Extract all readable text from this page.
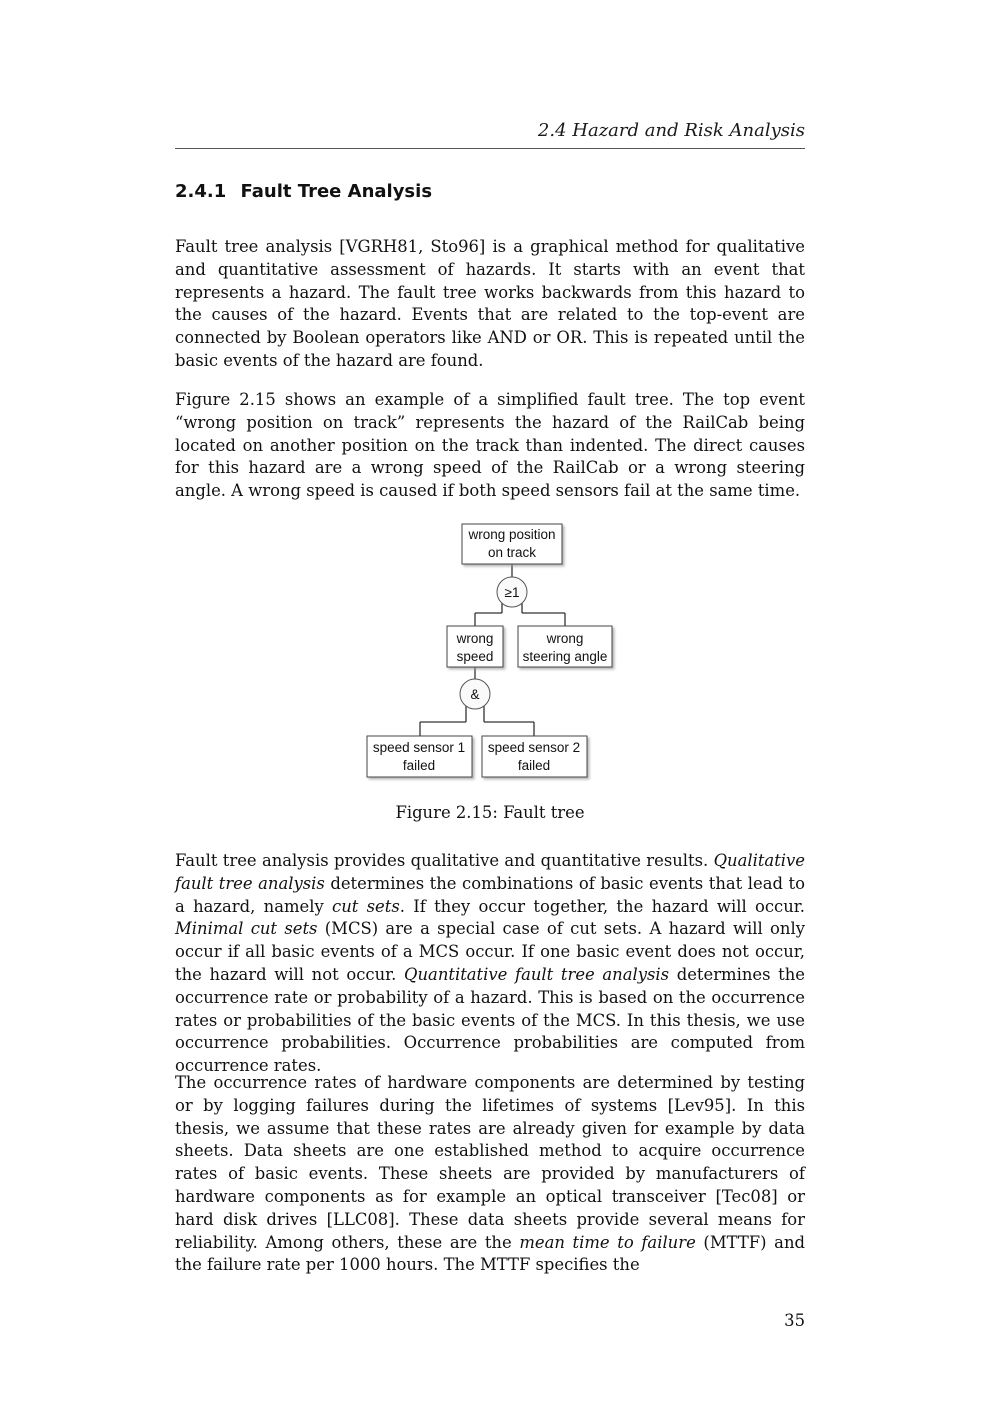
2.4 Hazard and Risk Analysis
2.4.1 Fault Tree Analysis

Fault tree analysis [VGRH81, Sto96] is a graphical method for qualitative and quantitative assessment of hazards. It starts with an event that represents a hazard. The fault tree works backwards from this hazard to the causes of the hazard. Events that are related to the top-event are connected by Boolean operators like AND or OR. This is repeated until the basic events of the hazard are found.

Figure 2.15 shows an example of a simplified fault tree. The top event “wrong position on track” represents the hazard of the RailCab being located on another position on the track than indented. The direct causes for this hazard are a wrong speed of the RailCab or a wrong steering angle. A wrong speed is caused if both speed sensors fail at the same time.

wrong position
on track
≥1
wrong
speed
wrong
steering angle
&
speed sensor 1
failed
speed sensor 2
failed
Figure 2.15: Fault tree

Fault tree analysis provides qualitative and quantitative results. Qualitative fault tree analysis determines the combinations of basic events that lead to a hazard, namely cut sets. If they occur together, the hazard will occur. Minimal cut sets (MCS) are a special case of cut sets. A hazard will only occur if all basic events of a MCS occur. If one basic event does not occur, the hazard will not occur. Quantitative fault tree analysis determines the occurrence rate or probability of a hazard. This is based on the occurrence rates or probabilities of the basic events of the MCS. In this thesis, we use occurrence probabilities. Occurrence probabilities are computed from occurrence rates.

The occurrence rates of hardware components are determined by testing or by logging failures during the lifetimes of systems [Lev95]. In this thesis, we assume that these rates are already given for example by data sheets. Data sheets are one established method to acquire occurrence rates of basic events. These sheets are provided by manufacturers of hardware components as for example an optical transceiver [Tec08] or hard disk drives [LLC08]. These data sheets provide several means for reliability. Among others, these are the mean time to failure (MTTF) and the failure rate per 1000 hours. The MTTF specifies the

35
